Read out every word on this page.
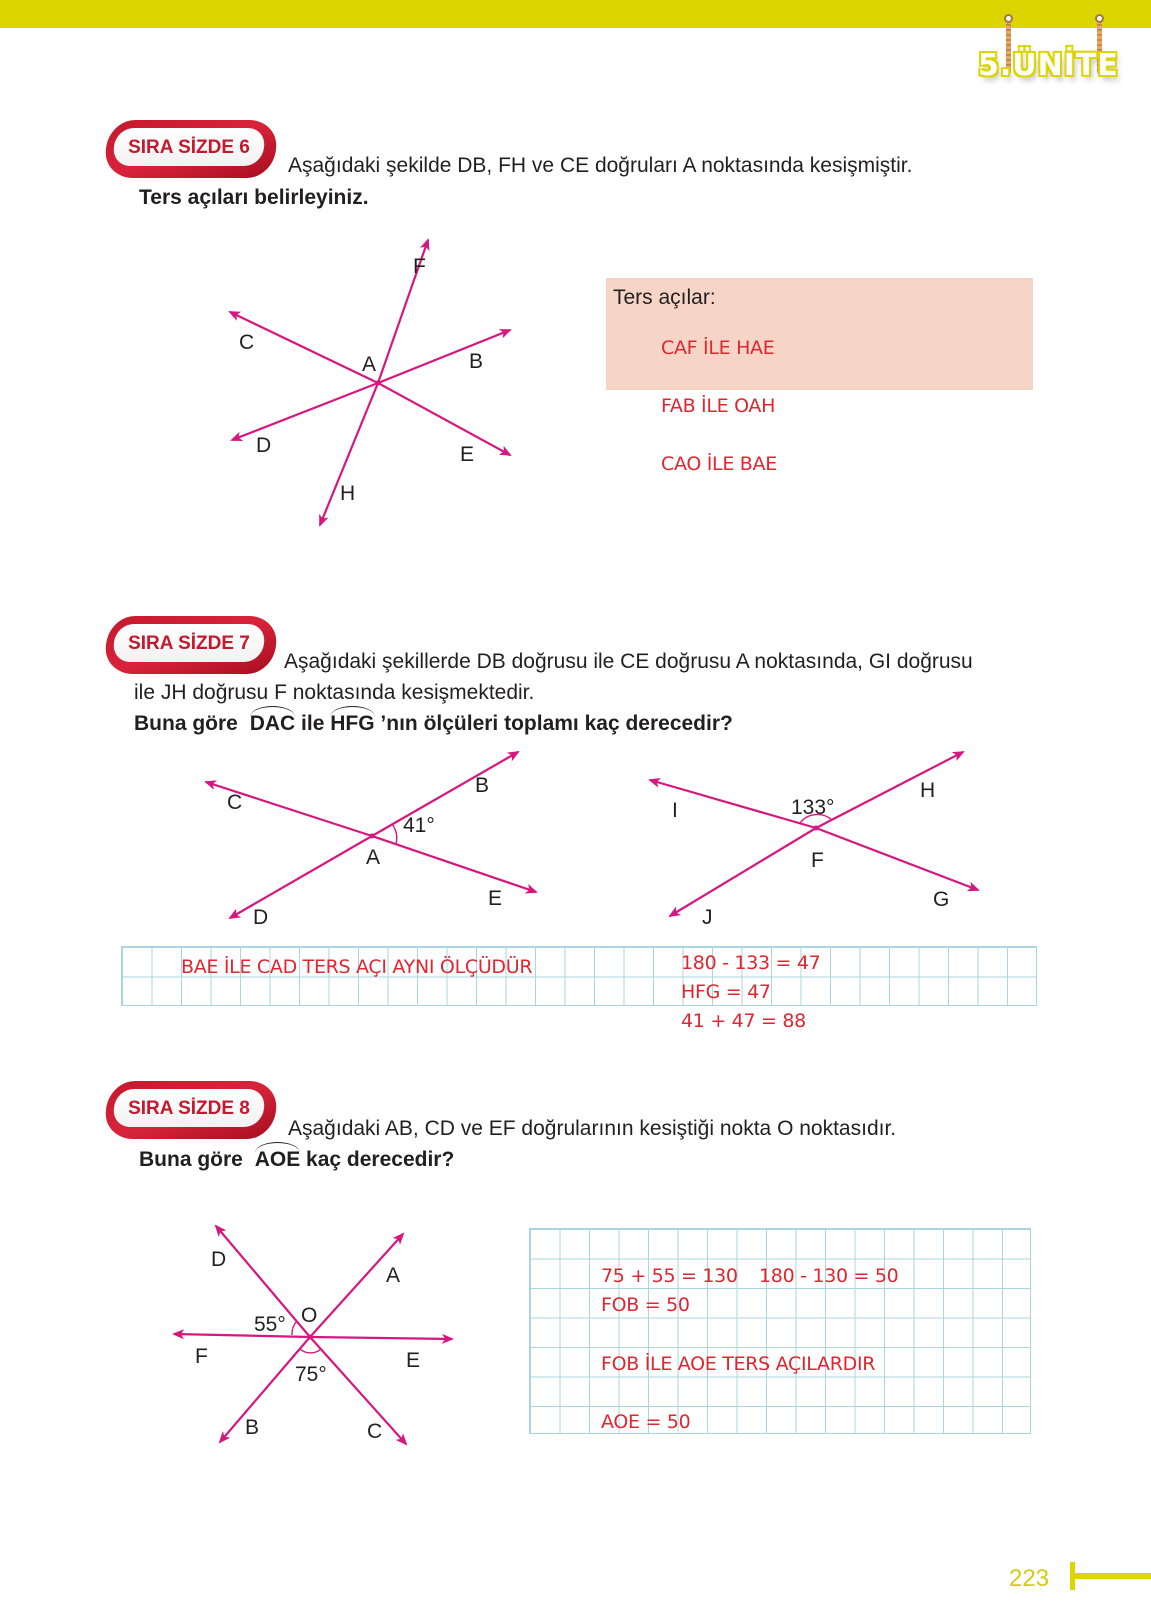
5.ÜNİTE
SIRA SİZDE 6
Aşağıdaki şekilde DB, FH ve CE doğruları A noktasında kesişmiştir.
Ters açıları belirleyiniz.
F
C
A	B
D	E
H
Ters açılar:
CAF İLE HAE
FAB İLE OAH
CAO İLE BAE
SIRA SİZDE 7
Aşağıdaki şekillerde DB doğrusu ile CE doğrusu A noktasında, GI doğrusu
ile JH doğrusu F noktasında kesişmektedir.
Buna göre DAC ile HFG ’nın ölçüleri toplamı kaç derecedir?
C
B
A
D
E
41°
I
H
F
J
G
133°
BAE İLE CAD TERS AÇI AYNI ÖLÇÜDÜR	180 - 133 = 47
HFG = 47
41 + 47 = 88
SIRA SİZDE 8
Aşağıdaki AB, CD ve EF doğrularının kesiştiği nokta O noktasıdır.
Buna göre AOE kaç derecedir?
D
A
O
F	E
B	C
55°
75°
75 + 55 = 130 180 - 130 = 50
FOB = 50
FOB İLE AOE TERS AÇILARDIR
AOE = 50
223
